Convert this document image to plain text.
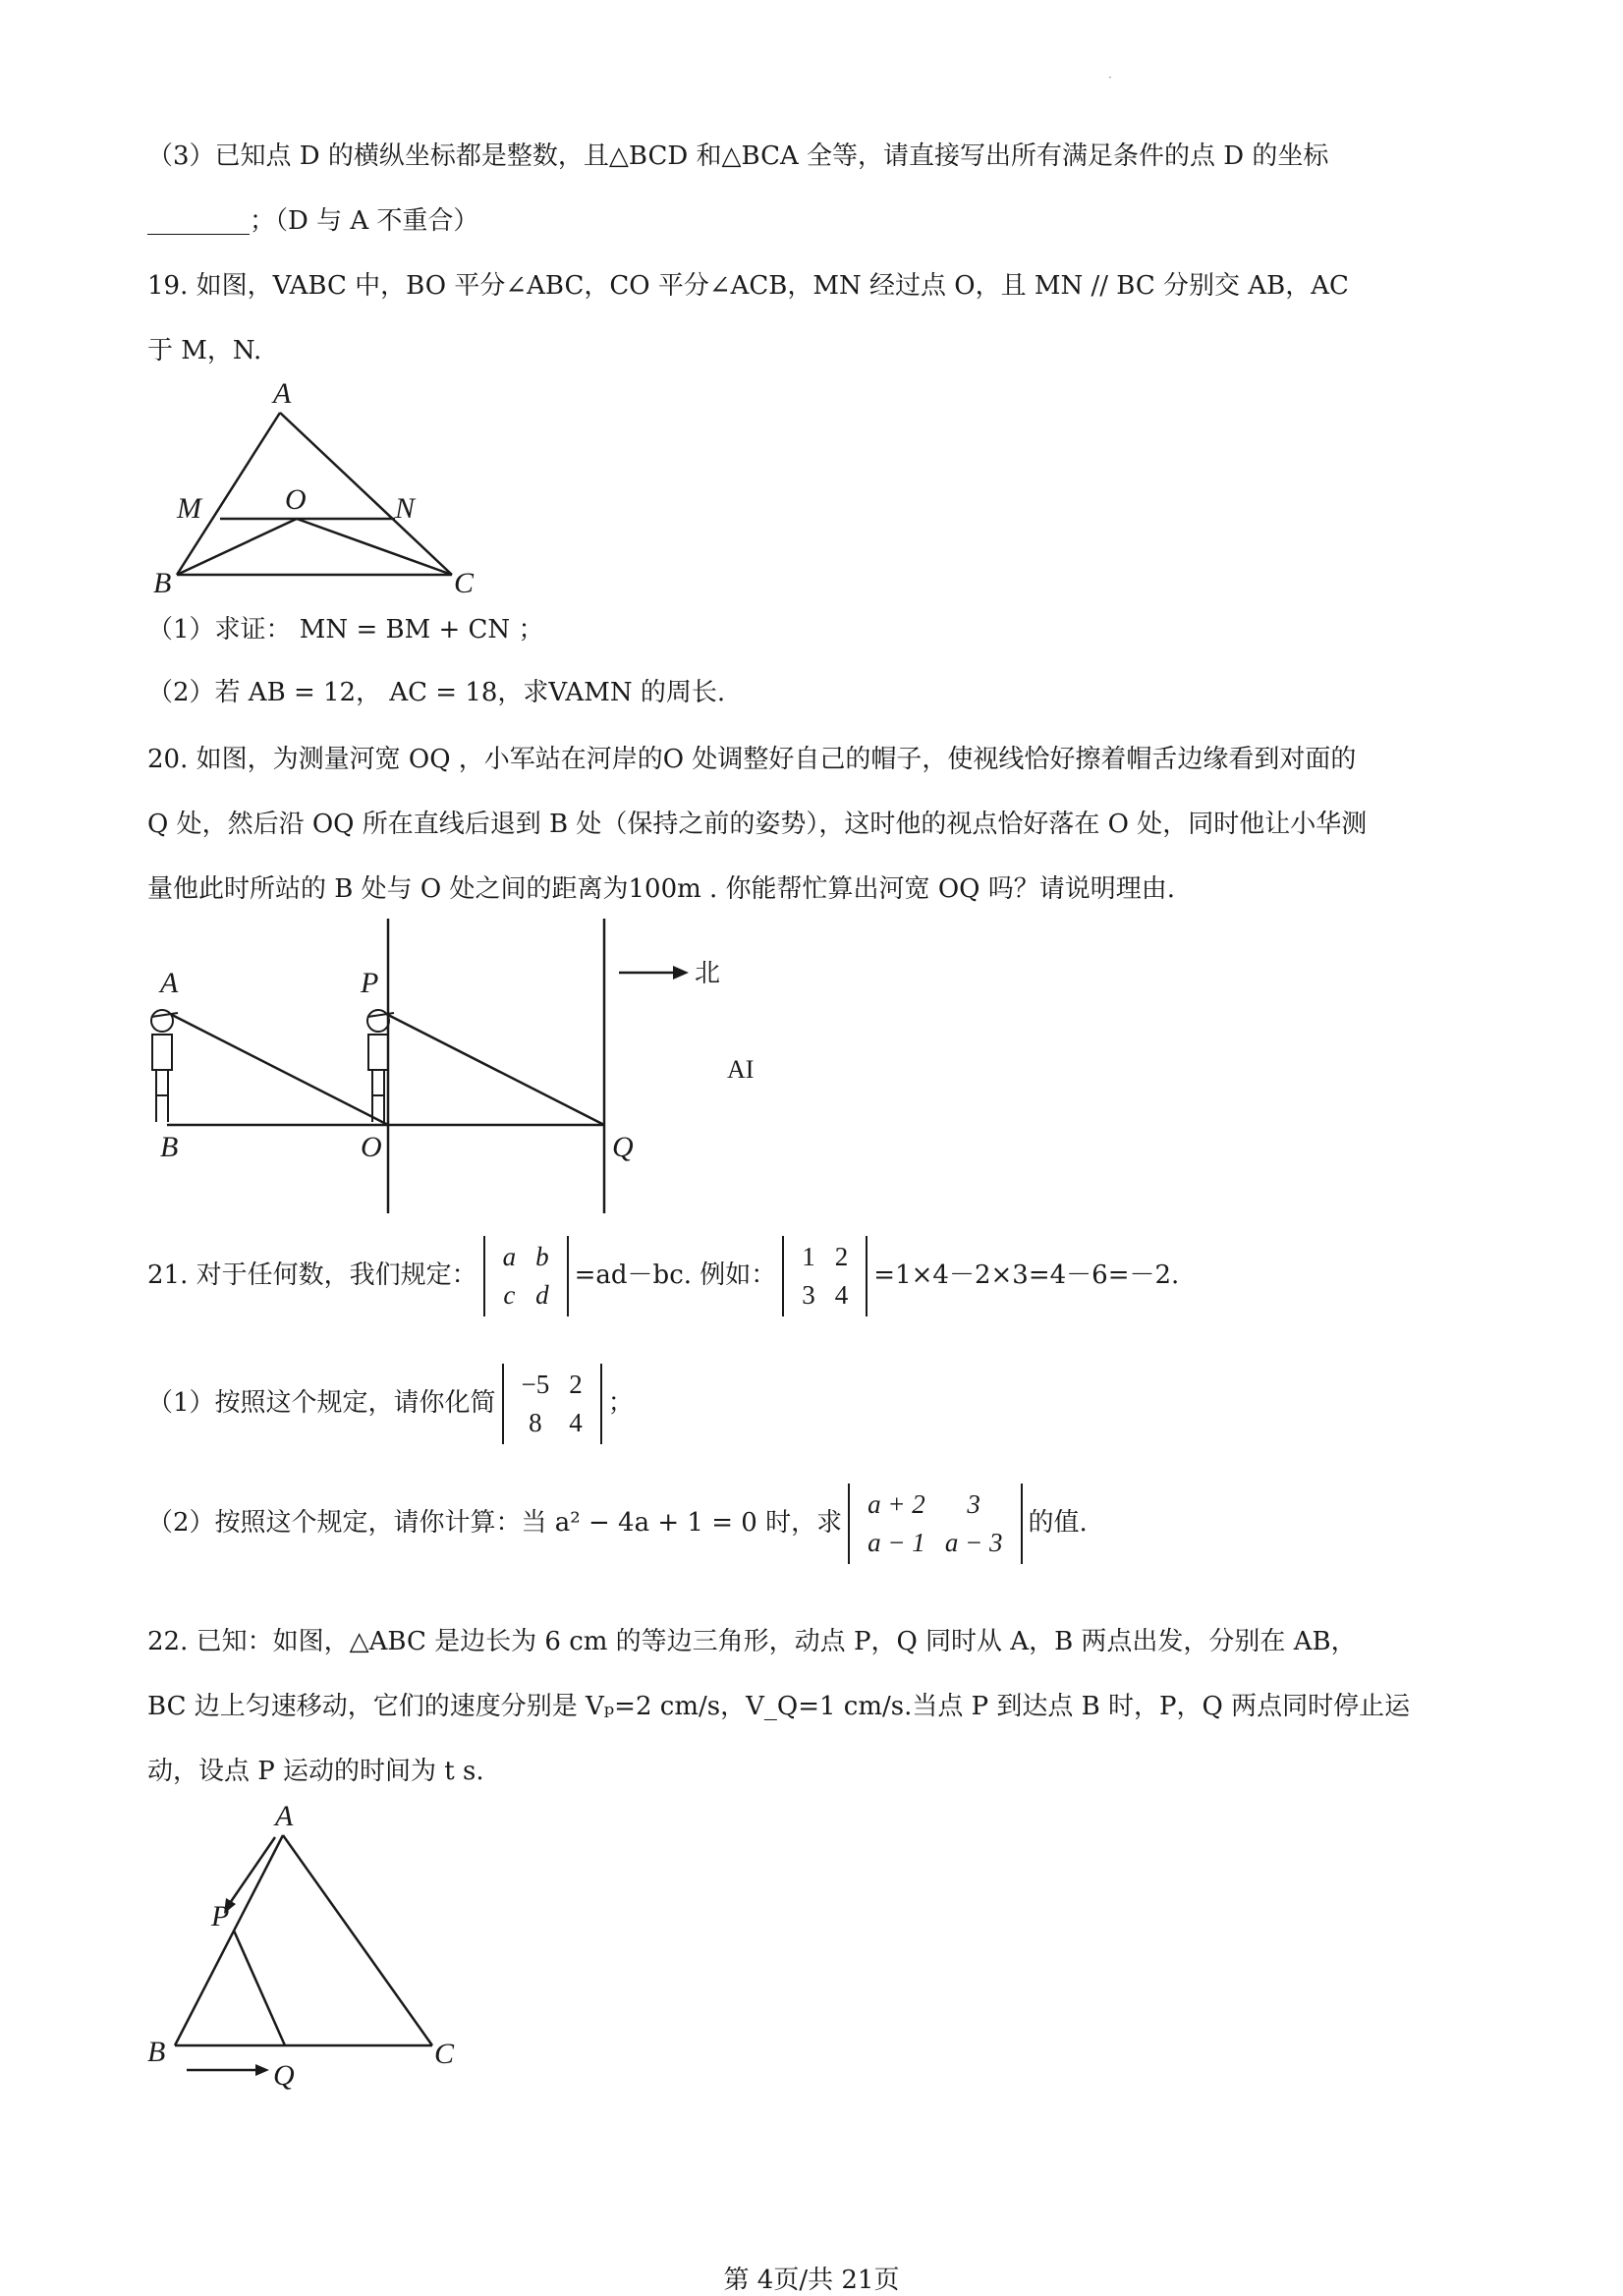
·
（3）已知点 D 的横纵坐标都是整数，且△BCD 和△BCA 全等，请直接写出所有满足条件的点 D 的坐标
________；（D 与 A 不重合）
19. 如图，VABC 中，BO 平分∠ABC，CO 平分∠ACB，MN 经过点 O，且 MN // BC 分别交 AB，AC
于 M，N.
A
M	O	N
B	C
（1）求证： MN = BM + CN ；
（2）若 AB = 12， AC = 18，求VAMN 的周长.
20. 如图，为测量河宽 OQ ，小军站在河岸的O 处调整好自己的帽子，使视线恰好擦着帽舌边缘看到对面的
Q 处，然后沿 OQ 所在直线后退到 B 处（保持之前的姿势），这时他的视点恰好落在 O 处，同时他让小华测
量他此时所站的 B 处与 O 处之间的距离为100m . 你能帮忙算出河宽 OQ 吗？请说明理由.
A	P
B	O	Q
北
AI
21. 对于任何数，我们规定：
a	b
c	d
=ad－bc. 例如：
1	2
3	4
=1×4－2×3=4－6=－2.
（1）按照这个规定，请你化简
−5	2
8	4
；
（2）按照这个规定，请你计算：当 a² − 4a + 1 = 0 时，求
a + 2	3
a − 1	a − 3
的值.
22. 已知：如图，△ABC 是边长为 6 cm 的等边三角形，动点 P，Q 同时从 A，B 两点出发，分别在 AB，
BC 边上匀速移动，它们的速度分别是 Vₚ=2 cm/s，V_Q=1 cm/s.当点 P 到达点 B 时，P，Q 两点同时停止运
动，设点 P 运动的时间为 t s.
A
P
B
Q
C
第 4页/共 21页
